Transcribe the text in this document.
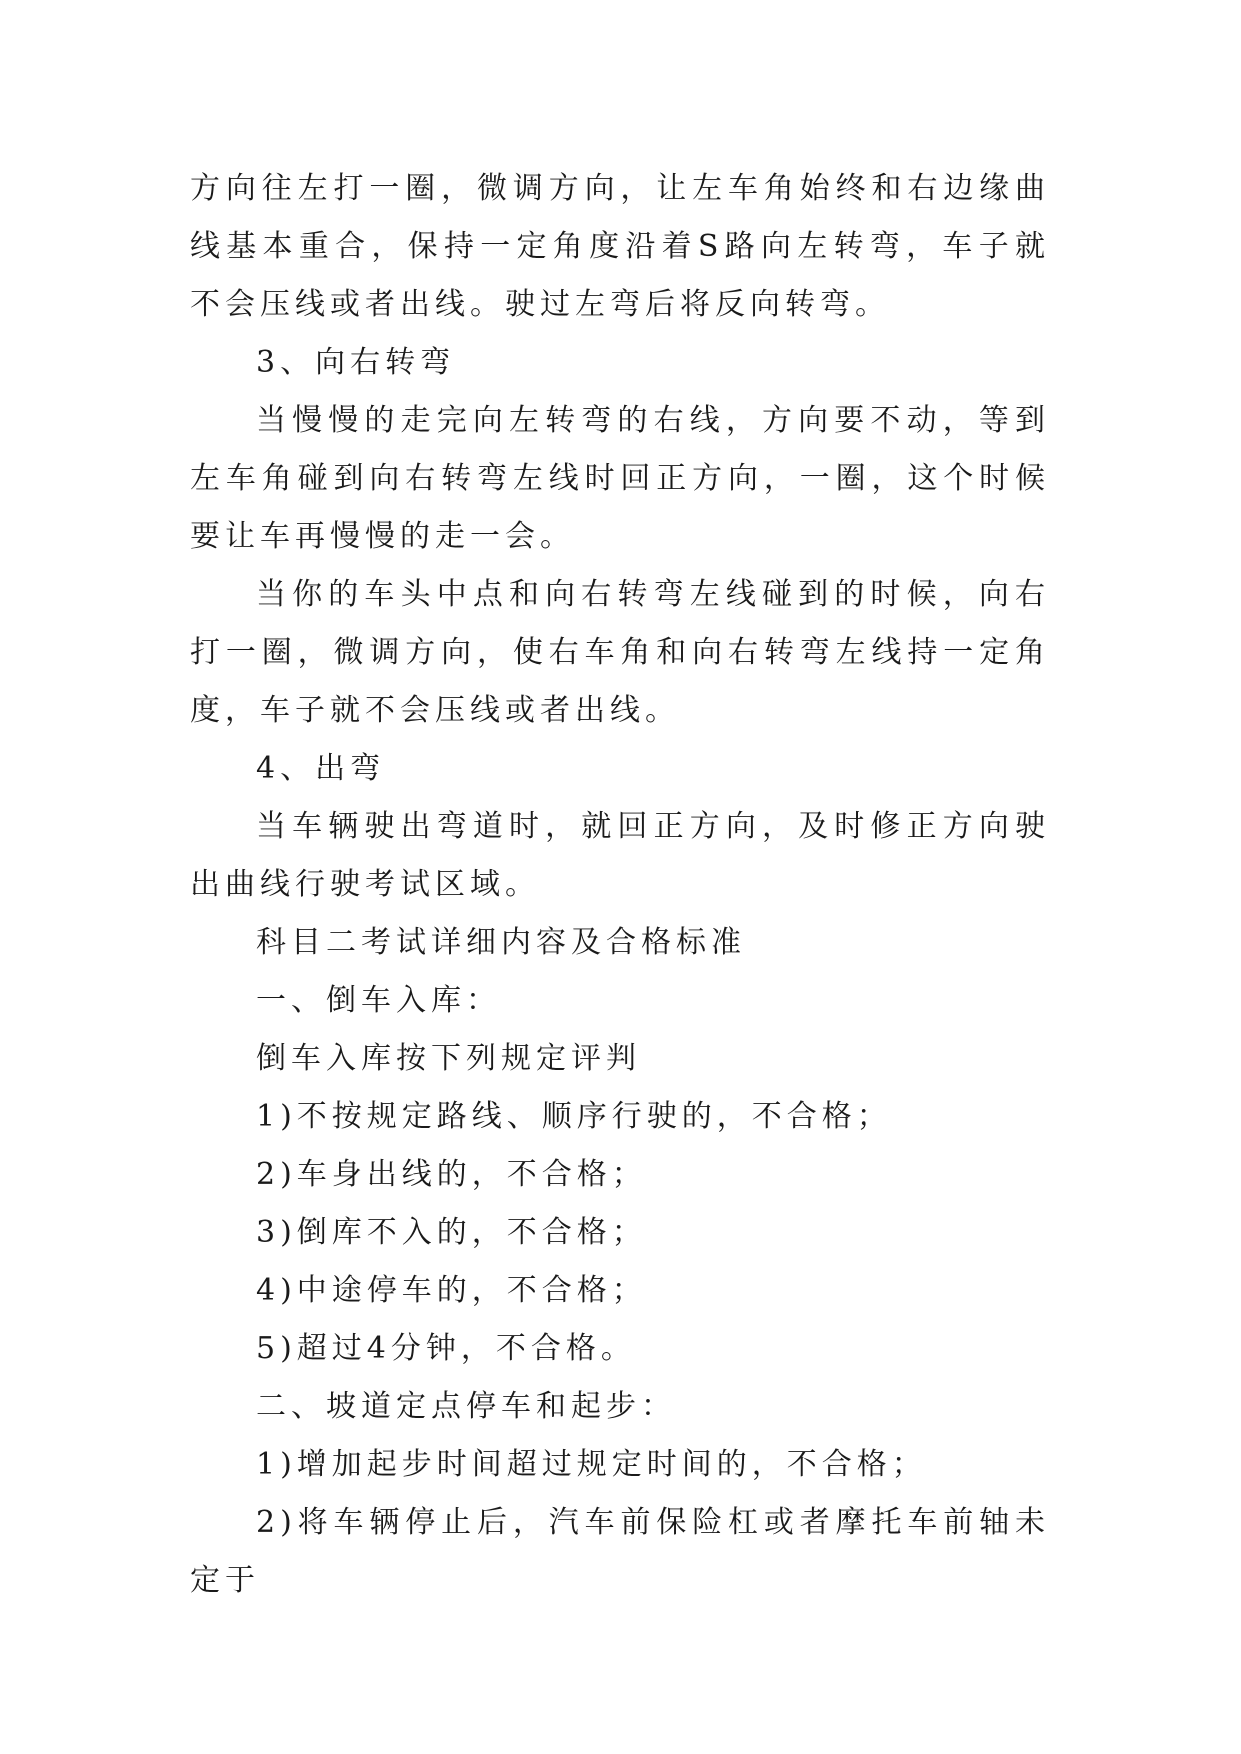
方向往左打一圈，微调方向，让左车角始终和右边缘曲线基本重合，保持一定角度沿着S路向左转弯，车子就不会压线或者出线。驶过左弯后将反向转弯。

3、向右转弯

当慢慢的走完向左转弯的右线，方向要不动，等到左车角碰到向右转弯左线时回正方向，一圈，这个时候要让车再慢慢的走一会。

当你的车头中点和向右转弯左线碰到的时候，向右打一圈，微调方向，使右车角和向右转弯左线持一定角度，车子就不会压线或者出线。

4、出弯

当车辆驶出弯道时，就回正方向，及时修正方向驶出曲线行驶考试区域。

科目二考试详细内容及合格标准

一、倒车入库：

倒车入库按下列规定评判

1)不按规定路线、顺序行驶的，不合格；

2)车身出线的，不合格；

3)倒库不入的，不合格；

4)中途停车的，不合格；

5)超过4分钟，不合格。

二、坡道定点停车和起步：

1)增加起步时间超过规定时间的，不合格；

2)将车辆停止后，汽车前保险杠或者摩托车前轴未定于
